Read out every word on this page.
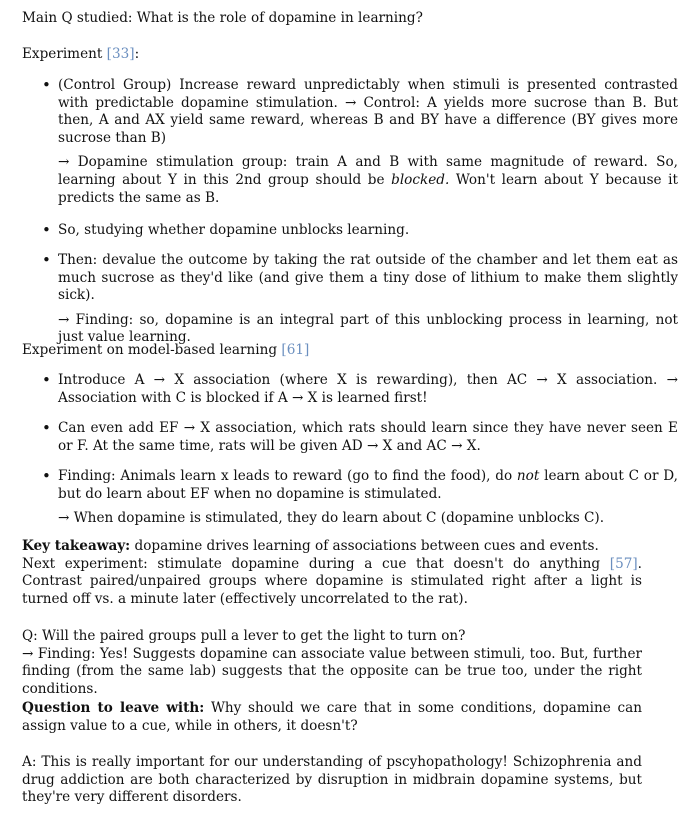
Main Q studied: What is the role of dopamine in learning?

Experiment [33]:

• (Control Group) Increase reward unpredictably when stimuli is presented contrasted with predictable dopamine stimulation. → Control: A yields more sucrose than B. But then, A and AX yield same reward, whereas B and BY have a difference (BY gives more sucrose than B)

→ Dopamine stimulation group: train A and B with same magnitude of reward. So, learning about Y in this 2nd group should be blocked. Won't learn about Y because it predicts the same as B.

• So, studying whether dopamine unblocks learning.

• Then: devalue the outcome by taking the rat outside of the chamber and let them eat as much sucrose as they'd like (and give them a tiny dose of lithium to make them slightly sick).

→ Finding: so, dopamine is an integral part of this unblocking process in learning, not just value learning.

Experiment on model-based learning [61]

• Introduce A → X association (where X is rewarding), then AC → X association. → Association with C is blocked if A → X is learned first!

• Can even add EF → X association, which rats should learn since they have never seen E or F. At the same time, rats will be given AD → X and AC → X.

• Finding: Animals learn x leads to reward (go to find the food), do not learn about C or D, but do learn about EF when no dopamine is stimulated.

→ When dopamine is stimulated, they do learn about C (dopamine unblocks C).

Key takeaway: dopamine drives learning of associations between cues and events.

Next experiment: stimulate dopamine during a cue that doesn't do anything [57]. Contrast paired/unpaired groups where dopamine is stimulated right after a light is turned off vs. a minute later (effectively uncorrelated to the rat).

Q: Will the paired groups pull a lever to get the light to turn on?

→ Finding: Yes! Suggests dopamine can associate value between stimuli, too. But, further finding (from the same lab) suggests that the opposite can be true too, under the right conditions.

Question to leave with: Why should we care that in some conditions, dopamine can assign value to a cue, while in others, it doesn't?

A: This is really important for our understanding of pscyhopathology! Schizophrenia and drug addiction are both characterized by disruption in midbrain dopamine systems, but they're very different disorders.
